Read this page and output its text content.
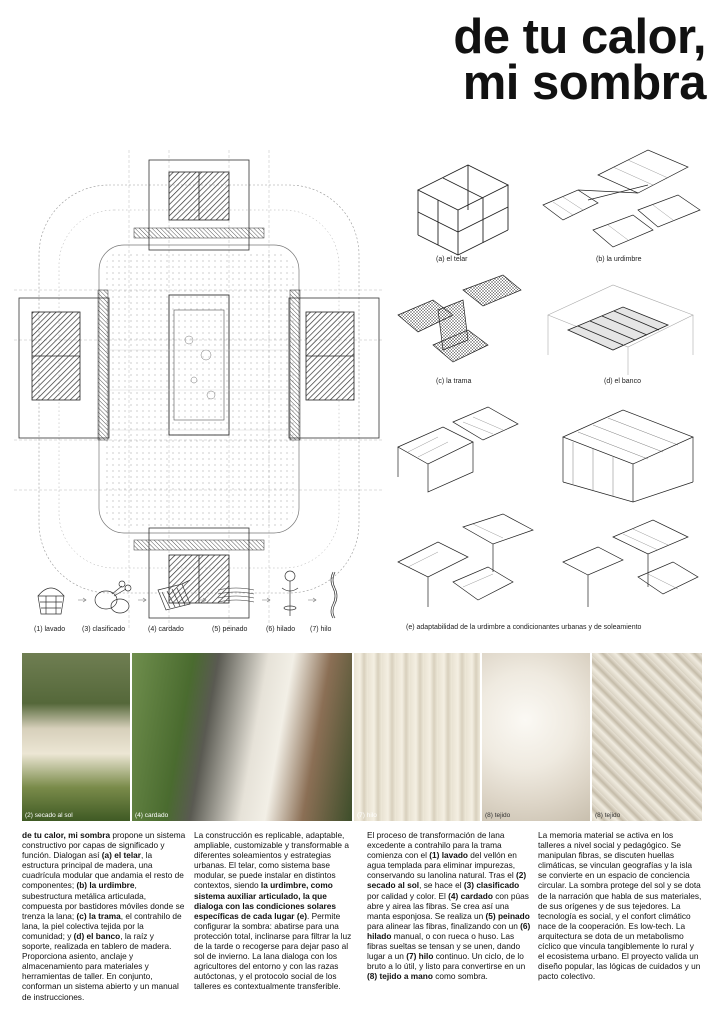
de tu calor,
mi sombra
(a) el telar	(b) la urdimbre
(c) la trama	(d) el banco
(e) adaptabilidad de la urdimbre a condicionantes urbanas y de soleamiento
(1) lavado (3) clasificado	(4) cardado	(5) peinado	(6) hilado (7) hilo
(2) secado al sol	(4) cardado	(7) hilo	(8) tejido	(8) tejido
de tu calor, mi sombra propone un sistema constructivo por capas de significado y función. Dialogan así (a) el telar, la estructura principal de madera, una cuadrícula modular que andamia el resto de componentes; (b) la urdimbre, subestructura metálica articulada, compuesta por bastidores móviles donde se trenza la lana; (c) la trama, el contrahilo de lana, la piel colectiva tejida por la comunidad; y (d) el banco, la raíz y soporte, realizada en tablero de madera. Proporciona asiento, anclaje y almacenamiento para materiales y herramientas de taller. En conjunto, conforman un sistema abierto y un manual de instrucciones.
La construcción es replicable, adaptable, ampliable, customizable y transformable a diferentes soleamientos y estrategias urbanas. El telar, como sistema base modular, se puede instalar en distintos contextos, siendo la urdimbre, como sistema auxiliar articulado, la que dialoga con las condiciones solares específicas de cada lugar (e). Permite configurar la sombra: abatirse para una protección total, inclinarse para filtrar la luz de la tarde o recogerse para dejar paso al sol de invierno. La lana dialoga con los agricultores del entorno y con las razas autóctonas, y el protocolo social de los talleres es contextualmente transferible.
El proceso de transformación de lana excedente a contrahilo para la trama comienza con el (1) lavado del vellón en agua templada para eliminar impurezas, conservando su lanolina natural. Tras el (2) secado al sol, se hace el (3) clasificado por calidad y color. El (4) cardado con púas abre y airea las fibras. Se crea así una manta esponjosa. Se realiza un (5) peinado para alinear las fibras, finalizando con un (6) hilado manual, o con rueca o huso. Las fibras sueltas se tensan y se unen, dando lugar a un (7) hilo continuo. Un ciclo, de lo bruto a lo útil, y listo para convertirse en un (8) tejido a mano como sombra.
La memoria material se activa en los talleres a nivel social y pedagógico. Se manipulan fibras, se discuten huellas climáticas, se vinculan geografías y la isla se convierte en un espacio de conciencia circular. La sombra protege del sol y se dota de la narración que habla de sus materiales, de sus orígenes y de sus tejedores. La tecnología es social, y el confort climático nace de la cooperación. Es low-tech. La arquitectura se dota de un metabolismo cíclico que vincula tangiblemente lo rural y el ecosistema urbano. El proyecto valida un diseño popular, las lógicas de cuidados y un pacto colectivo.
